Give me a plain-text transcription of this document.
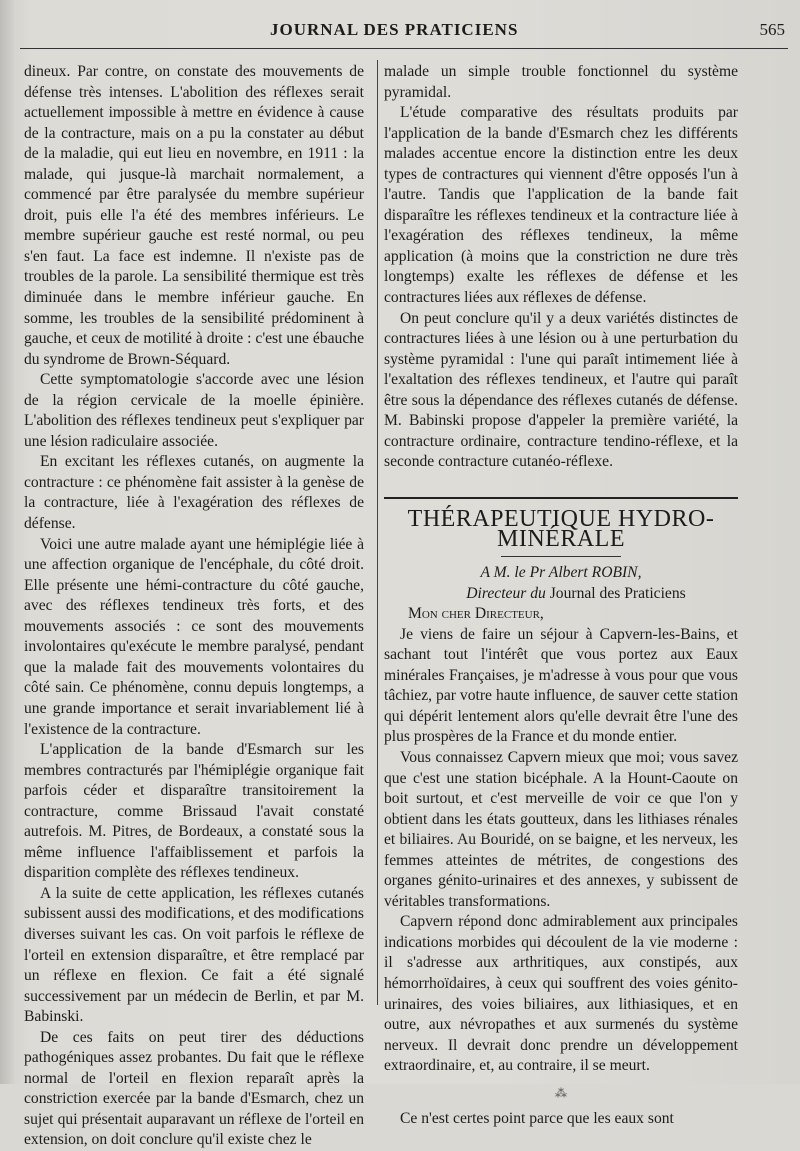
JOURNAL DES PRATICIENS	565

dineux. Par contre, on constate des mouvements de défense très intenses. L'abolition des réflexes serait actuellement impossible à mettre en évidence à cause de la contracture, mais on a pu la constater au début de la maladie, qui eut lieu en novembre, en 1911 : la malade, qui jusque-là marchait normalement, a commencé par être paralysée du membre supérieur droit, puis elle l'a été des membres inférieurs. Le membre supérieur gauche est resté normal, ou peu s'en faut. La face est indemne. Il n'existe pas de troubles de la parole. La sensibilité thermique est très diminuée dans le membre inférieur gauche. En somme, les troubles de la sensibilité prédominent à gauche, et ceux de motilité à droite : c'est une ébauche du syndrome de Brown-Séquard.

Cette symptomatologie s'accorde avec une lésion de la région cervicale de la moelle épinière. L'abolition des réflexes tendineux peut s'expliquer par une lésion radiculaire associée.

En excitant les réflexes cutanés, on augmente la contracture : ce phénomène fait assister à la genèse de la contracture, liée à l'exagération des réflexes de défense.

Voici une autre malade ayant une hémiplégie liée à une affection organique de l'encéphale, du côté droit. Elle présente une hémi-contracture du côté gauche, avec des réflexes tendineux très forts, et des mouvements associés : ce sont des mouvements involontaires qu'exécute le membre paralysé, pendant que la malade fait des mouvements volontaires du côté sain. Ce phénomène, connu depuis longtemps, a une grande importance et serait invariablement lié à l'existence de la contracture.

L'application de la bande d'Esmarch sur les membres contracturés par l'hémiplégie organique fait parfois céder et disparaître transitoirement la contracture, comme Brissaud l'avait constaté autrefois. M. Pitres, de Bordeaux, a constaté sous la même influence l'affaiblissement et parfois la disparition complète des réflexes tendineux.

A la suite de cette application, les réflexes cutanés subissent aussi des modifications, et des modifications diverses suivant les cas. On voit parfois le réflexe de l'orteil en extension disparaître, et être remplacé par un réflexe en flexion. Ce fait a été signalé successivement par un médecin de Berlin, et par M. Babinski.

De ces faits on peut tirer des déductions pathogéniques assez probantes. Du fait que le réflexe normal de l'orteil en flexion reparaît après la constriction exercée par la bande d'Esmarch, chez un sujet qui présentait auparavant un réflexe de l'orteil en extension, on doit conclure qu'il existe chez le

malade un simple trouble fonctionnel du système pyramidal.

L'étude comparative des résultats produits par l'application de la bande d'Esmarch chez les différents malades accentue encore la distinction entre les deux types de contractures qui viennent d'être opposés l'un à l'autre. Tandis que l'application de la bande fait disparaître les réflexes tendineux et la contracture liée à l'exagération des réflexes tendineux, la même application (à moins que la constriction ne dure très longtemps) exalte les réflexes de défense et les contractures liées aux réflexes de défense.

On peut conclure qu'il y a deux variétés distinctes de contractures liées à une lésion ou à une perturbation du système pyramidal : l'une qui paraît intimement liée à l'exaltation des réflexes tendineux, et l'autre qui paraît être sous la dépendance des réflexes cutanés de défense. M. Babinski propose d'appeler la première variété, la contracture ordinaire, contracture tendino-réflexe, et la seconde contracture cutanéo-réflexe.

THÉRAPEUTIQUE HYDRO-MINÉRALE
A M. le Pr Albert ROBIN,
Directeur du Journal des Praticiens
Mon cher Directeur,

Je viens de faire un séjour à Capvern-les-Bains, et sachant tout l'intérêt que vous portez aux Eaux minérales Françaises, je m'adresse à vous pour que vous tâchiez, par votre haute influence, de sauver cette station qui dépérit lentement alors qu'elle devrait être l'une des plus prospères de la France et du monde entier.

Vous connaissez Capvern mieux que moi; vous savez que c'est une station bicéphale. A la Hount-Caoute on boit surtout, et c'est merveille de voir ce que l'on y obtient dans les états goutteux, dans les lithiases rénales et biliaires. Au Bouridé, on se baigne, et les nerveux, les femmes atteintes de métrites, de congestions des organes génito-urinaires et des annexes, y subissent de véritables transformations.

Capvern répond donc admirablement aux principales indications morbides qui découlent de la vie moderne : il s'adresse aux arthritiques, aux constipés, aux hémorrhoïdaires, à ceux qui souffrent des voies génito-urinaires, des voies biliaires, aux lithiasiques, et en outre, aux névropathes et aux surmenés du système nerveux. Il devrait donc prendre un développement extraordinaire, et, au contraire, il se meurt.

⁂

Ce n'est certes point parce que les eaux sont
